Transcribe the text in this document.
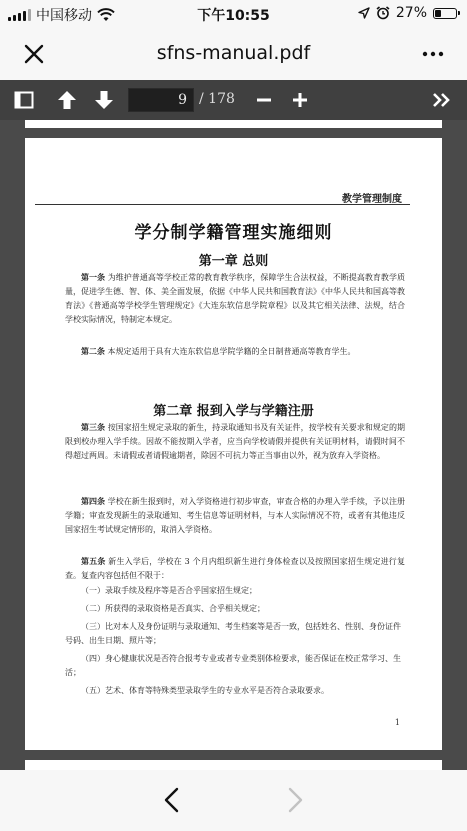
中国移动	下午10:55	27%
sfns-manual.pdf
9 / 178
教学管理制度
学分制学籍管理实施细则
第一章 总则
第一条 为维护普通高等学校正常的教育教学秩序，保障学生合法权益，不断提高教育教学质量，促进学生德、智、体、美全面发展，依据《中华人民共和国教育法》《中华人民共和国高等教育法》《普通高等学校学生管理规定》《大连东软信息学院章程》以及其它相关法律、法规，结合学校实际情况，特制定本规定。
第二条 本规定适用于具有大连东软信息学院学籍的全日制普通高等教育学生。
第二章 报到入学与学籍注册
第三条 按国家招生规定录取的新生，持录取通知书及有关证件，按学校有关要求和规定的期限到校办理入学手续。因故不能按期入学者，应当向学校请假并提供有关证明材料，请假时间不得超过两周。未请假或者请假逾期者，除因不可抗力等正当事由以外，视为放弃入学资格。
第四条 学校在新生报到时，对入学资格进行初步审查，审查合格的办理入学手续，予以注册学籍；审查发现新生的录取通知、考生信息等证明材料，与本人实际情况不符，或者有其他违反国家招生考试规定情形的，取消入学资格。
第五条 新生入学后，学校在 3 个月内组织新生进行身体检查以及按照国家招生规定进行复查。复查内容包括但不限于：
（一）录取手续及程序等是否合乎国家招生规定；
（二）所获得的录取资格是否真实、合乎相关规定；
（三）比对本人及身份证明与录取通知、考生档案等是否一致，包括姓名、性别、身份证件号码、出生日期、照片等；
（四）身心健康状况是否符合报考专业或者专业类别体检要求，能否保证在校正常学习、生活；
（五）艺术、体育等特殊类型录取学生的专业水平是否符合录取要求。
1
